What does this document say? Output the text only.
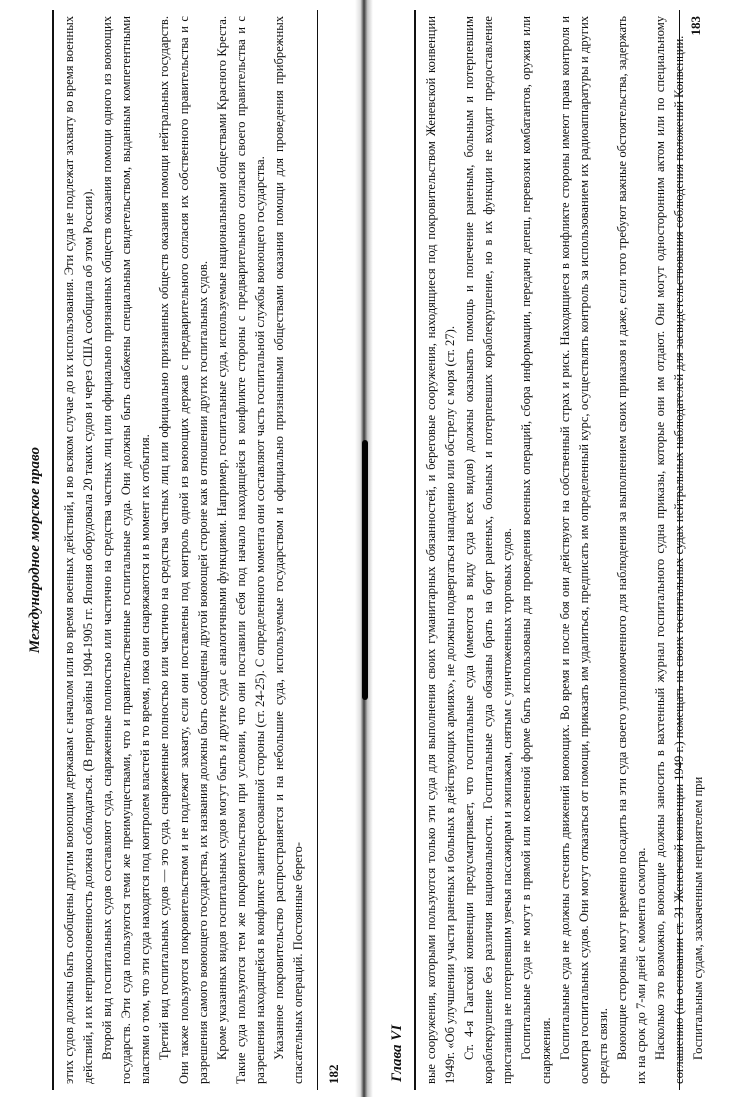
Международное морское право	этих судов должны быть сообщены другим воюющим державам с началом или во время военных действий, и во всяком случае до их использования. Эти суда не подлежат захвату во время военных действий, и их неприкосновенность должна соблюдаться. (В период войны 1904-1905 гг. Япония оборудовала 20 таких судов и через США сообщила об этом России). Второй вид госпитальных судов составляют суда, снаряженные полностью или частично на средства частных лиц или официально признанных обществ оказания помощи одного из воюющих государств. Эти суда пользуются теми же преимуществами, что и правительственные госпитальные суда. Они должны быть снабжены специальным свидетельством, выданным компетентными властями о том, что эти суда находятся под контролем властей в то время, пока они снаряжаются и в момент их отбытия. Третий вид госпитальных судов — это суда, снаряженные полностью или частично на средства частных лиц или официально признанных обществ оказания помощи нейтральных государств. Они также пользуются покровительством и не подлежат захвату, если они поставлены под контроль одной из воюющих держав с предварительного согласия их собственного правительства и с разрешения самого воюющего государства, их названия должны быть сообщены другой воюющей стороне как в отношении других госпитальных судов. Кроме указанных видов госпитальных судов могут быть и другие суда с аналогичными функциями. Например, госпитальные суда, используемые национальными обществами Красного Креста. Такие суда пользуются тем же покровительством при условии, что они поставили себя под начало находящейся в конфликте стороны с предварительного согласия своего правительства и с разрешения находящейся в конфликте заинтересованной стороны (ст. 24-25). С определенного момента они составляют часть госпитальной службы воюющего государства. Указанное покровительство распространяется и на небольшие суда, используемые государством и официально признанными обществами оказания помощи для проведения прибрежных спасательных операций. Постоянные берего- 182	Глава VI	вые сооружения, которыми пользуются только эти суда для выполнения своих гуманитарных обязанностей, и береговые сооружения, находящиеся под покровительством Женевской конвенции 1949г. «Об улучшении участи раненых и больных в действующих армиях», не должны подвергаться нападению или обстрелу с моря (ст. 27). Ст. 4-я Гаагской конвенции предусматривает, что госпитальные суда (имеются в виду суда всех видов) должны оказывать помощь и попечение раненым, больным и потерпевшим кораблекрушение без различия национальности. Госпитальные суда обязаны брать на борт раненых, больных и потерпевших кораблекрушение, но в их функции не входит предоставление пристанища не потерпевшим увечья пассажирам и экипажам, снятым с уничтоженных торговых судов. Госпитальные суда не могут в прямой или косвенной форме быть использованы для проведения военных операций, сбора информации, передачи депеш, перевозки комбатантов, оружия или снаряжения. Госпитальные суда не должны стеснять движений воюющих. Во время и после боя они действуют на собственный страх и риск. Находящиеся в конфликте стороны имеют права контроля и осмотра госпитальных судов. Они могут отказаться от помощи, приказать им удалиться, предписать им определенный курс, осуществлять контроль за использованием их радиоаппаратуры и других средств связи. Воюющие стороны могут временно посадить на эти суда своего уполномоченного для наблюдения за выполнением своих приказов и даже, если того требуют важные обстоятельства, задержать их на срок до 7-ми дней с момента осмотра. Насколько это возможно, воюющие должны заносить в вахтенный журнал госпитального судна приказы, которые они им отдают. Они могут односторонним актом или по специальному соглашению (на основании ст. 31 Женевской конвенции 1949 г.) помещать на своих госпитальных судах нейтральных наблюдателей для засвидетельствования соблюдения положений Конвенции. Госпитальным судам, захваченным неприятелем при

183
